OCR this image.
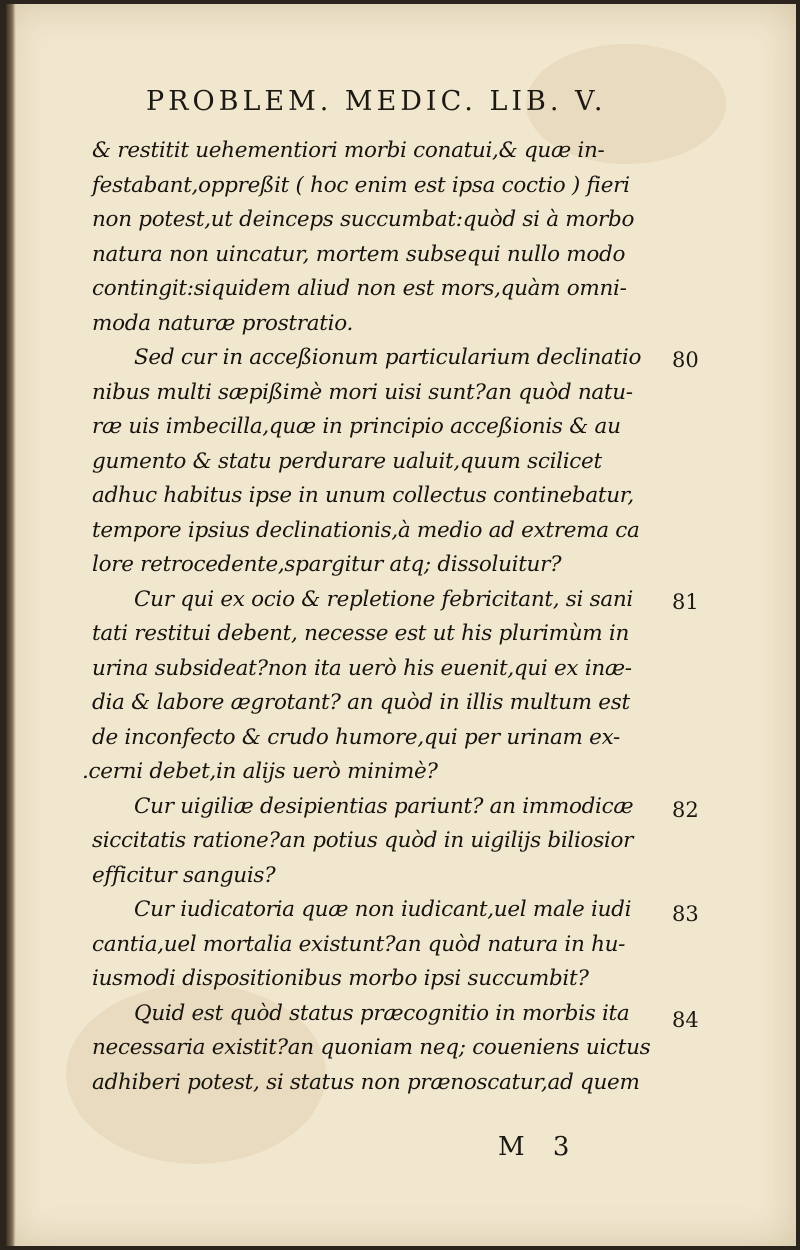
PROBLEM. MEDIC. LIB. V.
& restitit uehementiori morbi conatui,& quæ in-
festabant,oppreßit ( hoc enim est ipsa coctio ) fieri
non potest,ut deinceps succumbat:quòd si à morbo
natura non uincatur, mortem subsequi nullo modo
contingit:siquidem aliud non est mors,quàm omni-
moda naturæ prostratio.
Sed cur in acceßionum particularium declinatio
nibus multi sæpißimè mori uisi sunt?an quòd natu-
ræ uis imbecilla,quæ in principio acceßionis & au
gumento & statu perdurare ualuit,quum scilicet
adhuc habitus ipse in unum collectus continebatur,
tempore ipsius declinationis,à medio ad extrema ca
lore retrocedente,spargitur atq; dissoluitur?
Cur qui ex ocio & repletione febricitant, si sani
tati restitui debent, necesse est ut his plurimùm in
urina subsideat?non ita uerò his euenit,qui ex inæ-
dia & labore ægrotant? an quòd in illis multum est
de inconfecto & crudo humore,qui per urinam ex-
.cerni debet,in alijs uerò minimè?
Cur uigiliæ desipientias pariunt? an immodicæ
siccitatis ratione?an potius quòd in uigilijs biliosior
efficitur sanguis?
Cur iudicatoria quæ non iudicant,uel male iudi
cantia,uel mortalia existunt?an quòd natura in hu-
iusmodi dispositionibus morbo ipsi succumbit?
Quid est quòd status præcognitio in morbis ita
necessaria existit?an quoniam neq; coueniens uictus
adhiberi potest, si status non prænoscatur,ad quem
80
81
82
83
84
M 3
